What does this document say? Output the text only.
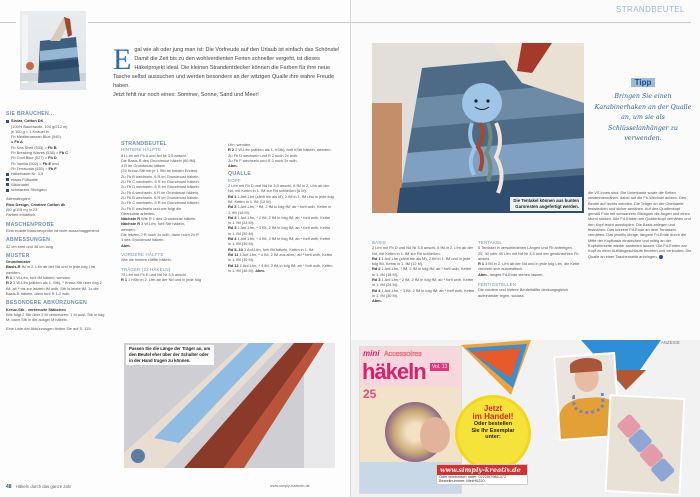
SIE BRAUCHEN...
Sirdar, Cotton DK
(100% Baumwolle, 100 g/212 m)
je 100 g = 1 Knäuel in
Fb Mediterranean Blue (540)
= Fb A
Fb Sea Shell (533) = Fb B
Fb Breaking Waves (538) = Fb C
Fb Cool Blue (527) = Fb D
Fb Vanilla (502) = Fb E und
Fb Terracotta (539) = Fb F
Häkelnadel Nr. 3,5
etwas Füllwatte
Sticknadel
schwarzes Stickgarn
Alternativgarn:
Rico Design, Creative Cotton dk
(50 g/115 m) in 23
Farben erhältlich
MASCHENPROBE
Eine exakte Maschenprobe ist nicht ausschlaggebend.
ABMESSUNGEN
32 cm breit und 36 cm lang
MUSTER
Grundmuster
Basis-R fM in 2. Lfm ab der Nd und in jede folg Lfm, wenden.
R 1 1 W-Lfm, fortl fM häkeln, wenden.
R 2 3 W-Lfm (zählen als 1. Stb), * Kreuz-Stb über folg 2 fM, ab * bis zur letzten fM wdh, Stb in letzte fM. 1x die Basis-R häkeln, dann fortl R 1-2 wdh.
BESONDERE ABKÜRZUNGEN
Kreuz-Stb - verkreuzte Stäbchen
Wie folgt 2 Stb über 2 M verkreuzen: 1 M ausl, Stb in folg M, dann Stb in die ausgel M häkeln.
Eine Liste der Abkürzungen finden Sie auf S. 115.
Egal wie alt oder jung man ist: Die Vorfreude auf den Urlaub ist einfach das Schönste! Damit die Zeit bis zu den wohlverdienten Ferien schneller vergeht, ist dieses Häkelprojekt ideal. Die kleinen Strandentdecker können die Farben für ihre neue Tasche selbst aussuchen und werden besonders an der witzigen Qualle ihre wahre Freude haben.
Jetzt fehlt nur noch eines: Sommer, Sonne, Sand und Meer!
STRANDBEUTEL
HINTERE HÄLFTE
61 Lfm mit Fb A und Nd Nr 3,5 anschl.
Die Basis-R des Grundmust häkeln (60 fM).
4 R im Grundmust häkeln
(29 Kreuz-Stb mit je 1 Stb an beiden Enden).
Zu Fb B wechseln. 6 R im Grundmust häkeln.
Zu Fb C wechseln. 6 R im Grundmust häkeln.
Zu Fb D wechseln. 6 R im Grundmust häkeln.
Zu Fb A wechseln. 6 R im Grundmust häkeln.
Zu Fb B wechseln. 6 R im Grundmust häkeln.
Zu Fb C wechseln. 6 R im Grundmust häkeln.
Zu Fb E wechseln und wie folgt die
Oberkante arbeiten.
Nächste R Wie R 1 des Grundmust häkeln.
Nächste R 3 W-Lfm, fortl Stb häkeln,
wenden.
Die letzten 2 R noch 1x wdh, dann noch 2x R
1 des Grundmust häkeln.
Abm.
VORDERE HÄLFTE
Wie die hintere Hälfte häkeln.
TRÄGER (2x HÄKELN)
75 Lfm mit Fb E und Nd Nr 3,5 anschl.
R 1 1 hStb in 2. Lfm ab der Nd und in jede folg
Lfm, wenden.
R 2 2 W-Lfm (zählen als 1. hStb), fortl hStb häkeln, wenden.
Zu Fb D wechseln und R 2 noch 2x wdh.
Zu Fb F wechseln und R 2 noch 2x wdh.
Abm.
QUALLE
KOPF
2 Lfm mit Fb D und Nd Nr 3,5 anschl, 6 fM in 2. Lfm ab der Nd, mit Kettm in 1. fM zur Rd schließen (6 M).
Rd 1 1 Anf-Lfm (zählt nie als M), 2 fM in 1. fM und in jede folg fM, Kettm in 1. fM (12 M).
Rd 2 1 Anf-Lfm, * fM, 2 fM in folg fM; ab * fortl wdh, Kettm in 1. fM (18 M).
Rd 3 1 Anf-Lfm, * 2 fM, 2 fM in folg fM; ab * fortl wdh, Kettm in 1. fM (24 M).
Rd 3 1 Anf-Lfm, * 3 fM, 2 fM in folg fM; ab * fortl wdh, Kettm in 1. fM (30 M).
Rd 4 1 Anf-Lfm, * 4 fM, 2 fM in folg fM; ab * fortl wdh, Kettm in 1. fM (36 M).
Rd 5–10 1 Anf-Lfm, fortl fM häkeln, Kettm in 1. fM.
Rd 11 1 Anf-Lfm, * 4 fM, 2 fM zus.abm.; ab * fortl wdh, Kettm in 1. fM (30 M).
Rd 12 1 Anf-Lfm, * 4 fM, 2 fM in folg fM; ab * fortl wdh, Kettm in 1. fM (36 M). Abm.
Passen Sie die Länge der Träger an, um den Beutel eher über der Schulter oder in der Hand tragen zu können.
48 Häkeln durch das ganze Jahr	www.simply-haekeln.de
STRANDBEUTEL
Die Tentakel können aus bunten Garnresten angefertigt werden.
Tipp
Bringen Sie einen Karabinerhaken an der Qualle an, um sie als Schlüsselanhänger zu verwenden.
BASIS
2 Lfm mit Fb D und Nd Nr 3,5 anschl, 6 fM in 2. Lfm ab der Nd, mit Kettm in 1. fM zur Rd schließen.
Rd 1 1 Anf-Lfm (zählt nie als M), 2 fM in 1. fM und in jede folg fM, Kettm in 1. fM (12 M).
Rd 2 1 Anf-Lfm, * fM, 2 fM in folg fM; ab * fortl wdh, Kettm in 1. fM (18 M).
Rd 3 1 Anf-Lfm,* 2 fM, 2 fM in folg fM; ab * fortl wdh, Kettm in 1. fM (24 M).
Rd 4 1 Anf-Lfm, * 3 fM, 2 fM in folg fM; ab * fortl wdh, Kettm in 1. fM (30 M).
Abm.
TENTAKEL
5 Tentakel in verschiedenen Längen und Fb anfertigen.
20, 30 oder 40 Lfm mit Nd Nr 3,5 und der gewünschten Fb anschl.
R 1 3 fM in 2. Lfm ab der Nd und in jede folg Lfm, die Kette verdreht sich automatisch.
Abm., langes Fd-Ende stehen lassen.
FERTIGSTELLEN
Die vordere und hintere Beutelhälfte deckungsgleich aufeinander legen, sodass
die VS innen sind. Die Unterkante sowie die Seiten zusammennähen, dabei auf die Fb-Wechsel achten. Den Beutel auf rechts wenden. Die Träger an der Oberkante feststecken und sicher annähen. Auf den Quallenkopf gemäß Foto mit schwarzem Stickgarn die Augen und einen Mund sticken. Alle Fd-Enden am Quallenkopf vernähen und den Kopf leicht ausstopfen. Die Basis anlegen und festnähen. Das kürzere Fd-Ende an dem Tentakeln vernähen. Das jeweils übrige, längere Fd-Ende durch die Mitte der Kopfbasis einstechen und mittig an der Kopfoberseite wieder austreten lassen. Die Fd-Enden am Kopf zu einer Aufhängeschlaufe flechten und verknoten. Die Qualle an einer Taschenseite anbringen.
ANZEIGE
mini Accessoires
häkeln	Vol. 13
25
Jetzt
im Handel!
Oder bestellen
Sie Ihr Exemplar
unter:
www.simply-kreativ.de
Oder telefonisch unter: 02225/7085-372
Bestellnummer: MiniH0220
